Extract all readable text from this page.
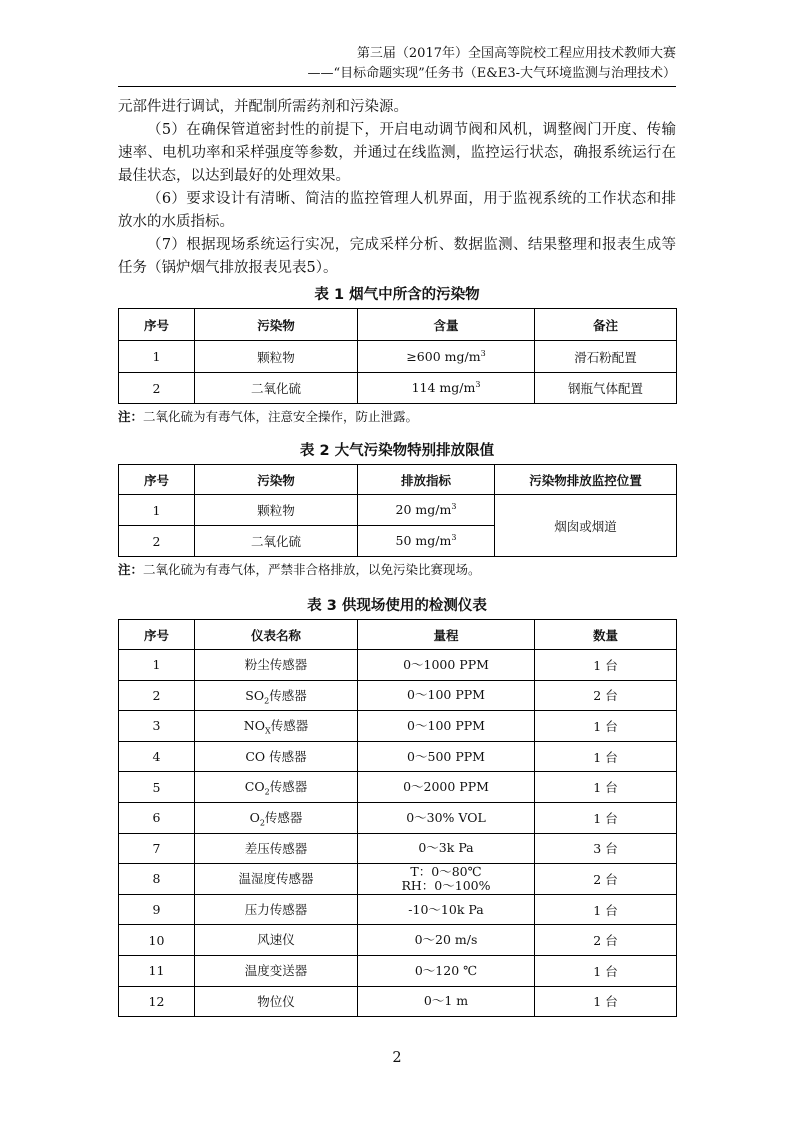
第三届（2017年）全国高等院校工程应用技术教师大赛
——“目标命题实现”任务书（E&E3-大气环境监测与治理技术）

元部件进行调试，并配制所需药剂和污染源。

（5）在确保管道密封性的前提下，开启电动调节阀和风机，调整阀门开度、传输速率、电机功率和采样强度等参数，并通过在线监测，监控运行状态，确报系统运行在最佳状态，以达到最好的处理效果。

（6）要求设计有清晰、简洁的监控管理人机界面，用于监视系统的工作状态和排放水的水质指标。

（7）根据现场系统运行实况，完成采样分析、数据监测、结果整理和报表生成等任务（锅炉烟气排放报表见表5）。

表 1 烟气中所含的污染物

序号	污染物	含量	备注
1	颗粒物	≥600 $mg/m^3$	滑石粉配置
2	二氧化硫	114 $mg/m^3$	钢瓶气体配置

注：二氧化硫为有毒气体，注意安全操作，防止泄露。

表 2 大气污染物特别排放限值

序号	污染物	排放指标	污染物排放监控位置
1	颗粒物	20 $mg/m^3$	烟囱或烟道
2	二氧化硫	50 $mg/m^3$

注：二氧化硫为有毒气体，严禁非合格排放，以免污染比赛现场。

表 3 供现场使用的检测仪表

序号	仪表名称	量程	数量
1	粉尘传感器	0～1000 PPM	1 台
2	$SO_2$传感器	0～100 PPM	2 台
3	$NO_X$传感器	0～100 PPM	1 台
4	CO 传感器	0～500 PPM	1 台
5	$CO_2$传感器	0～2000 PPM	1 台
6	$O_2$传感器	0～30% VOL	1 台
7	差压传感器	0～3k Pa	3 台
8	温湿度传感器	T：0～80℃
RH：0～100%	2 台
9	压力传感器	-10～10k Pa	1 台
10	风速仪	0～20 m/s	2 台
11	温度变送器	0～120 ℃	1 台
12	物位仪	0～1 m	1 台
2
